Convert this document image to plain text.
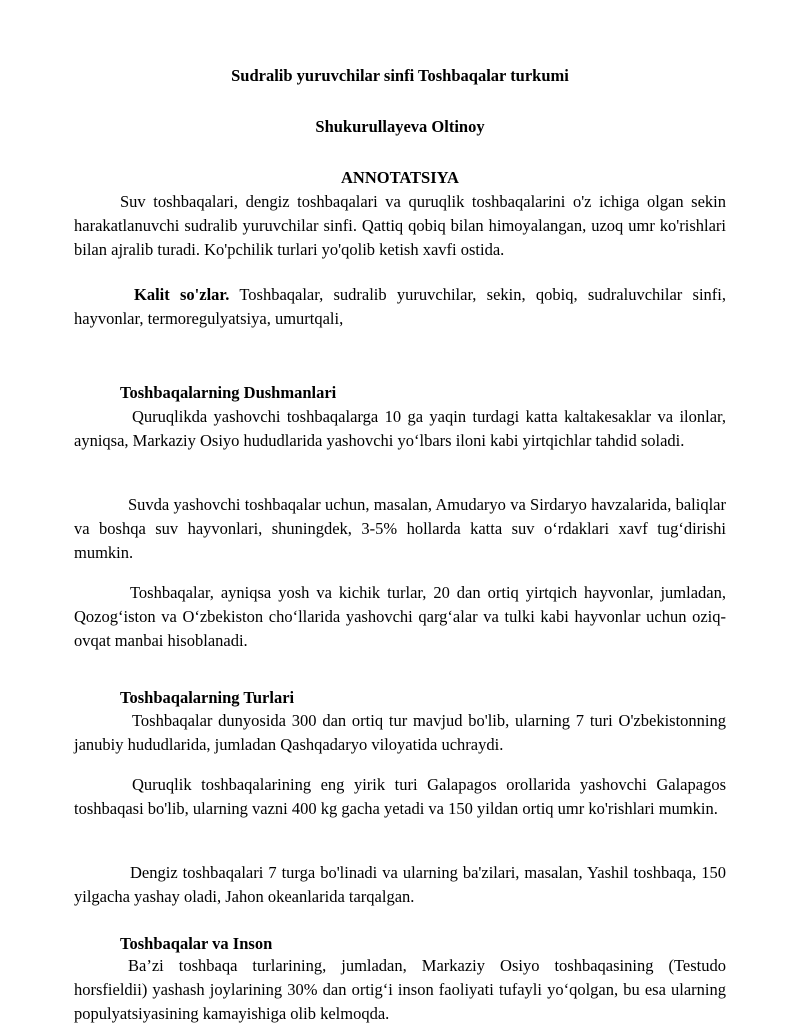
Sudralib yuruvchilar sinfi Toshbaqalar turkumi
Shukurullayeva Oltinoy
ANNOTATSIYA

Suv toshbaqalari, dengiz toshbaqalari va quruqlik toshbaqalarini o'z ichiga olgan sekin harakatlanuvchi sudralib yuruvchilar sinfi. Qattiq qobiq bilan himoyalangan, uzoq umr ko'rishlari bilan ajralib turadi. Ko'pchilik turlari yo'qolib ketish xavfi ostida.

Kalit so'zlar. Toshbaqalar, sudralib yuruvchilar, sekin, qobiq, sudraluvchilar sinfi, hayvonlar, termoregulyatsiya, umurtqali,

Toshbaqalarning Dushmanlari

Quruqlikda yashovchi toshbaqalarga 10 ga yaqin turdagi katta kaltakesaklar va ilonlar, ayniqsa, Markaziy Osiyo hududlarida yashovchi yo‘lbars iloni kabi yirtqichlar tahdid soladi.

Suvda yashovchi toshbaqalar uchun, masalan, Amudaryo va Sirdaryo havzalarida, baliqlar va boshqa suv hayvonlari, shuningdek, 3-5% hollarda katta suv o‘rdaklari xavf tug‘dirishi mumkin.

Toshbaqalar, ayniqsa yosh va kichik turlar, 20 dan ortiq yirtqich hayvonlar, jumladan, Qozog‘iston va O‘zbekiston cho‘llarida yashovchi qarg‘alar va tulki kabi hayvonlar uchun oziq-ovqat manbai hisoblanadi.

Toshbaqalarning Turlari

Toshbaqalar dunyosida 300 dan ortiq tur mavjud bo'lib, ularning 7 turi O'zbekistonning janubiy hududlarida, jumladan Qashqadaryo viloyatida uchraydi.

Quruqlik toshbaqalarining eng yirik turi Galapagos orollarida yashovchi Galapagos toshbaqasi bo'lib, ularning vazni 400 kg gacha yetadi va 150 yildan ortiq umr ko'rishlari mumkin.

Dengiz toshbaqalari 7 turga bo'linadi va ularning ba'zilari, masalan, Yashil toshbaqa, 150 yilgacha yashay oladi, Jahon okeanlarida tarqalgan.

Toshbaqalar va Inson

Ba’zi toshbaqa turlarining, jumladan, Markaziy Osiyo toshbaqasining (Testudo horsfieldii) yashash joylarining 30% dan ortig‘i inson faoliyati tufayli yo‘qolgan, bu esa ularning populyatsiyasining kamayishiga olib kelmoqda.
